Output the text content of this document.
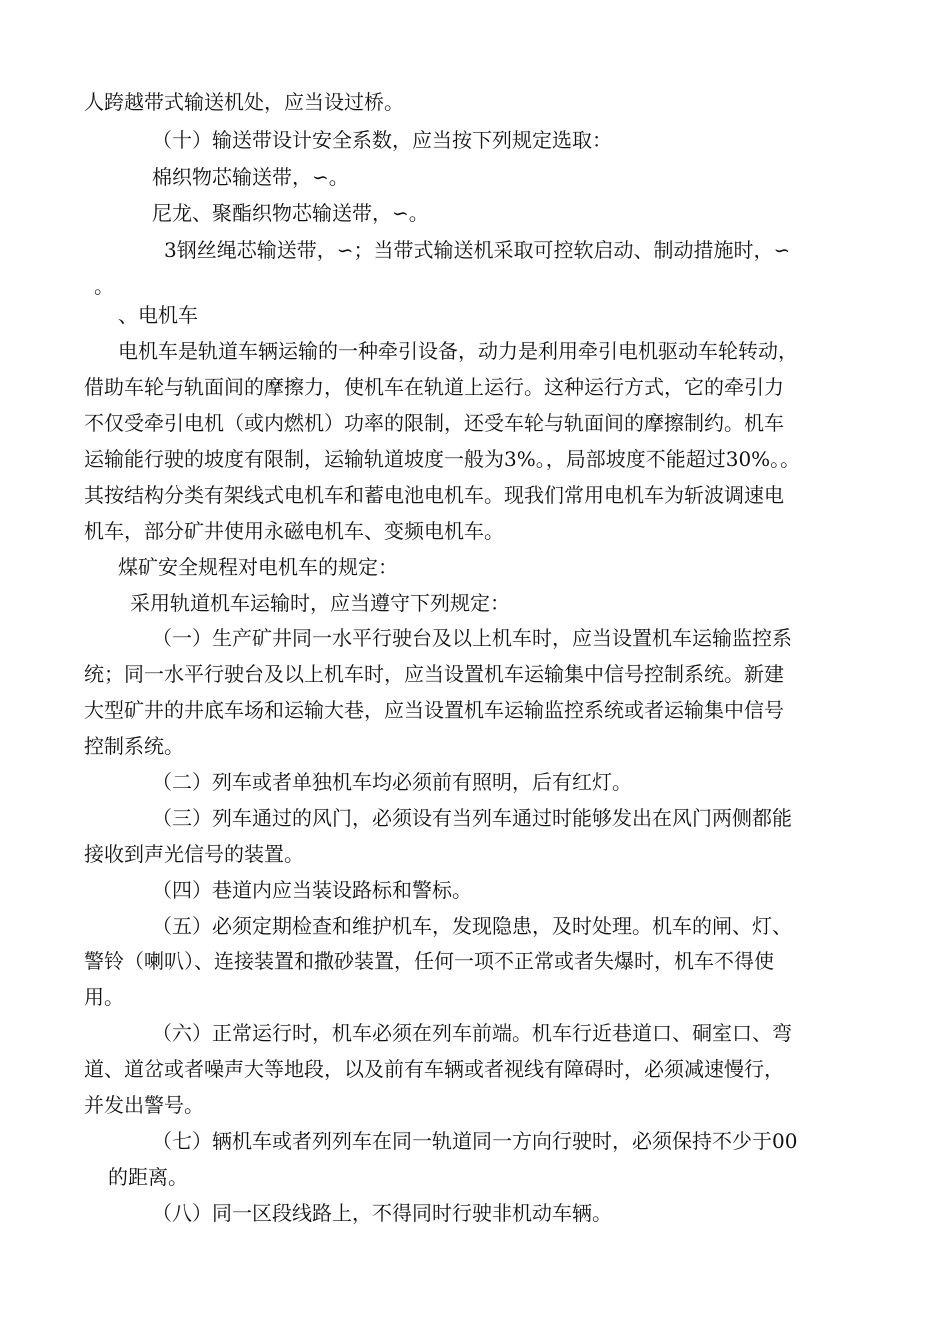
人跨越带式输送机处，应当设过桥。
（十）输送带设计安全系数，应当按下列规定选取：
棉织物芯输送带，∽。
尼龙、聚酯织物芯输送带，∽。
3钢丝绳芯输送带，∽；当带式输送机采取可控软启动、制动措施时，∽
。
、电机车
电机车是轨道车辆运输的一种牵引设备，动力是利用牵引电机驱动车轮转动，
借助车轮与轨面间的摩擦力，使机车在轨道上运行。这种运行方式，它的牵引力
不仅受牵引电机（或内燃机）功率的限制，还受车轮与轨面间的摩擦制约。机车
运输能行驶的坡度有限制，运输轨道坡度一般为3%。，局部坡度不能超过30%。。
其按结构分类有架线式电机车和蓄电池电机车。现我们常用电机车为斩波调速电
机车，部分矿井使用永磁电机车、变频电机车。
煤矿安全规程对电机车的规定：
采用轨道机车运输时，应当遵守下列规定：
（一）生产矿井同一水平行驶台及以上机车时，应当设置机车运输监控系
统；同一水平行驶台及以上机车时，应当设置机车运输集中信号控制系统。新建
大型矿井的井底车场和运输大巷，应当设置机车运输监控系统或者运输集中信号
控制系统。
（二）列车或者单独机车均必须前有照明，后有红灯。
（三）列车通过的风门，必须设有当列车通过时能够发出在风门两侧都能
接收到声光信号的装置。
（四）巷道内应当装设路标和警标。
（五）必须定期检查和维护机车，发现隐患，及时处理。机车的闸、灯、
警铃（喇叭）、连接装置和撒砂装置，任何一项不正常或者失爆时，机车不得使
用。
（六）正常运行时，机车必须在列车前端。机车行近巷道口、硐室口、弯
道、道岔或者噪声大等地段，以及前有车辆或者视线有障碍时，必须减速慢行，
并发出警号。
（七）辆机车或者列列车在同一轨道同一方向行驶时，必须保持不少于00
的距离。
（八）同一区段线路上，不得同时行驶非机动车辆。
